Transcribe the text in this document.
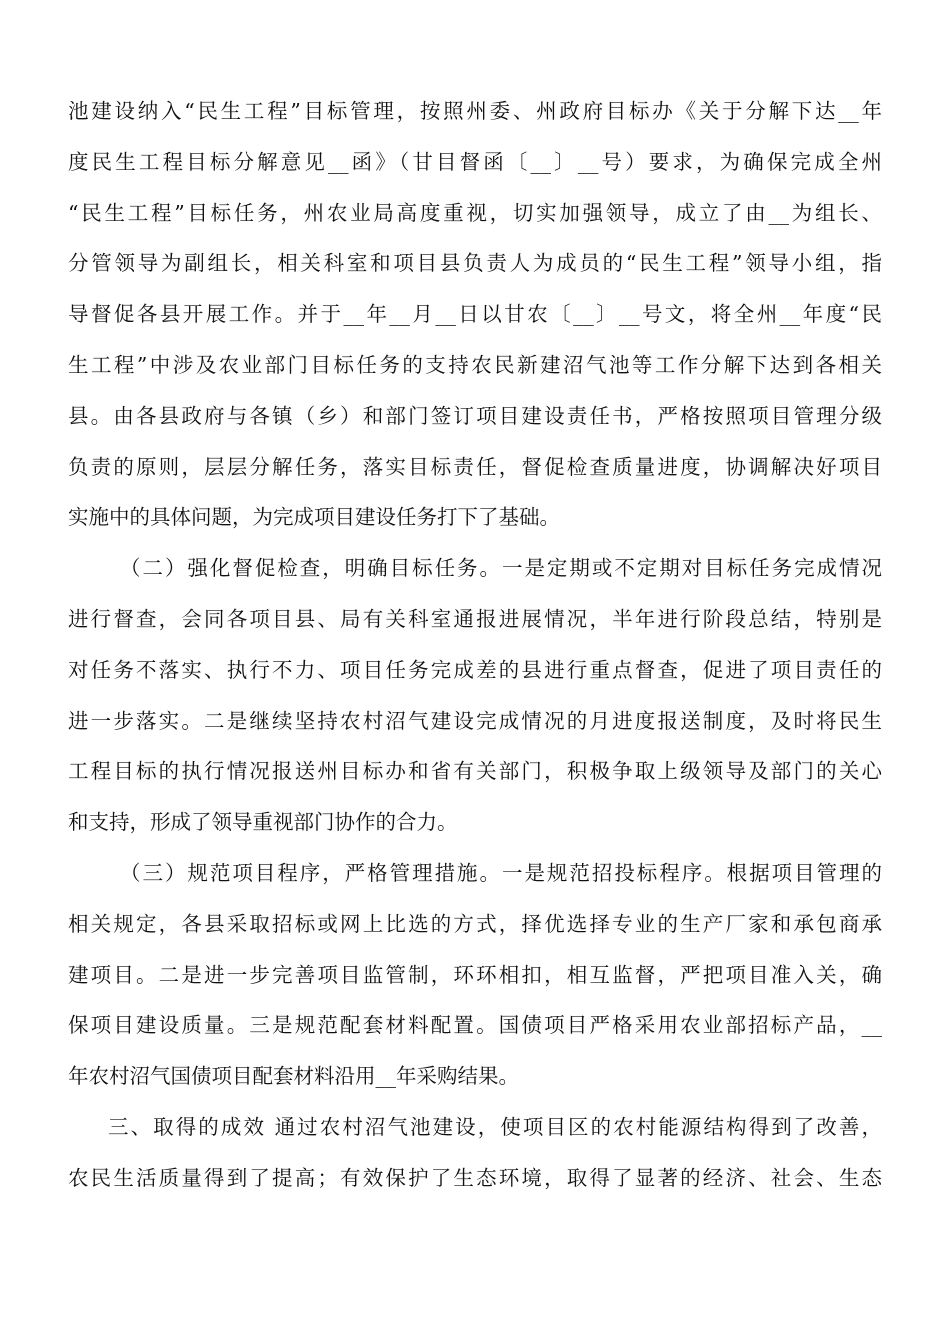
池建设纳入“民生工程”目标管理，按照州委、州政府目标办《关于分解下达__年
度民生工程目标分解意见__函》（甘目督函〔__〕__号）要求，为确保完成全州
“民生工程”目标任务，州农业局高度重视，切实加强领导，成立了由__为组长、
分管领导为副组长，相关科室和项目县负责人为成员的“民生工程”领导小组，指
导督促各县开展工作。并于__年__月__日以甘农〔__〕__号文，将全州__年度“民
生工程”中涉及农业部门目标任务的支持农民新建沼气池等工作分解下达到各相关
县。由各县政府与各镇（乡）和部门签订项目建设责任书，严格按照项目管理分级
负责的原则，层层分解任务，落实目标责任，督促检查质量进度，协调解决好项目
实施中的具体问题，为完成项目建设任务打下了基础。
（二）强化督促检查，明确目标任务。一是定期或不定期对目标任务完成情况
进行督查，会同各项目县、局有关科室通报进展情况，半年进行阶段总结，特别是
对任务不落实、执行不力、项目任务完成差的县进行重点督查，促进了项目责任的
进一步落实。二是继续坚持农村沼气建设完成情况的月进度报送制度，及时将民生
工程目标的执行情况报送州目标办和省有关部门，积极争取上级领导及部门的关心
和支持，形成了领导重视部门协作的合力。
（三）规范项目程序，严格管理措施。一是规范招投标程序。根据项目管理的
相关规定，各县采取招标或网上比选的方式，择优选择专业的生产厂家和承包商承
建项目。二是进一步完善项目监管制，环环相扣，相互监督，严把项目准入关，确
保项目建设质量。三是规范配套材料配置。国债项目严格采用农业部招标产品，__
年农村沼气国债项目配套材料沿用__年采购结果。
三、取得的成效 通过农村沼气池建设，使项目区的农村能源结构得到了改善，
农民生活质量得到了提高；有效保护了生态环境，取得了显著的经济、社会、生态
